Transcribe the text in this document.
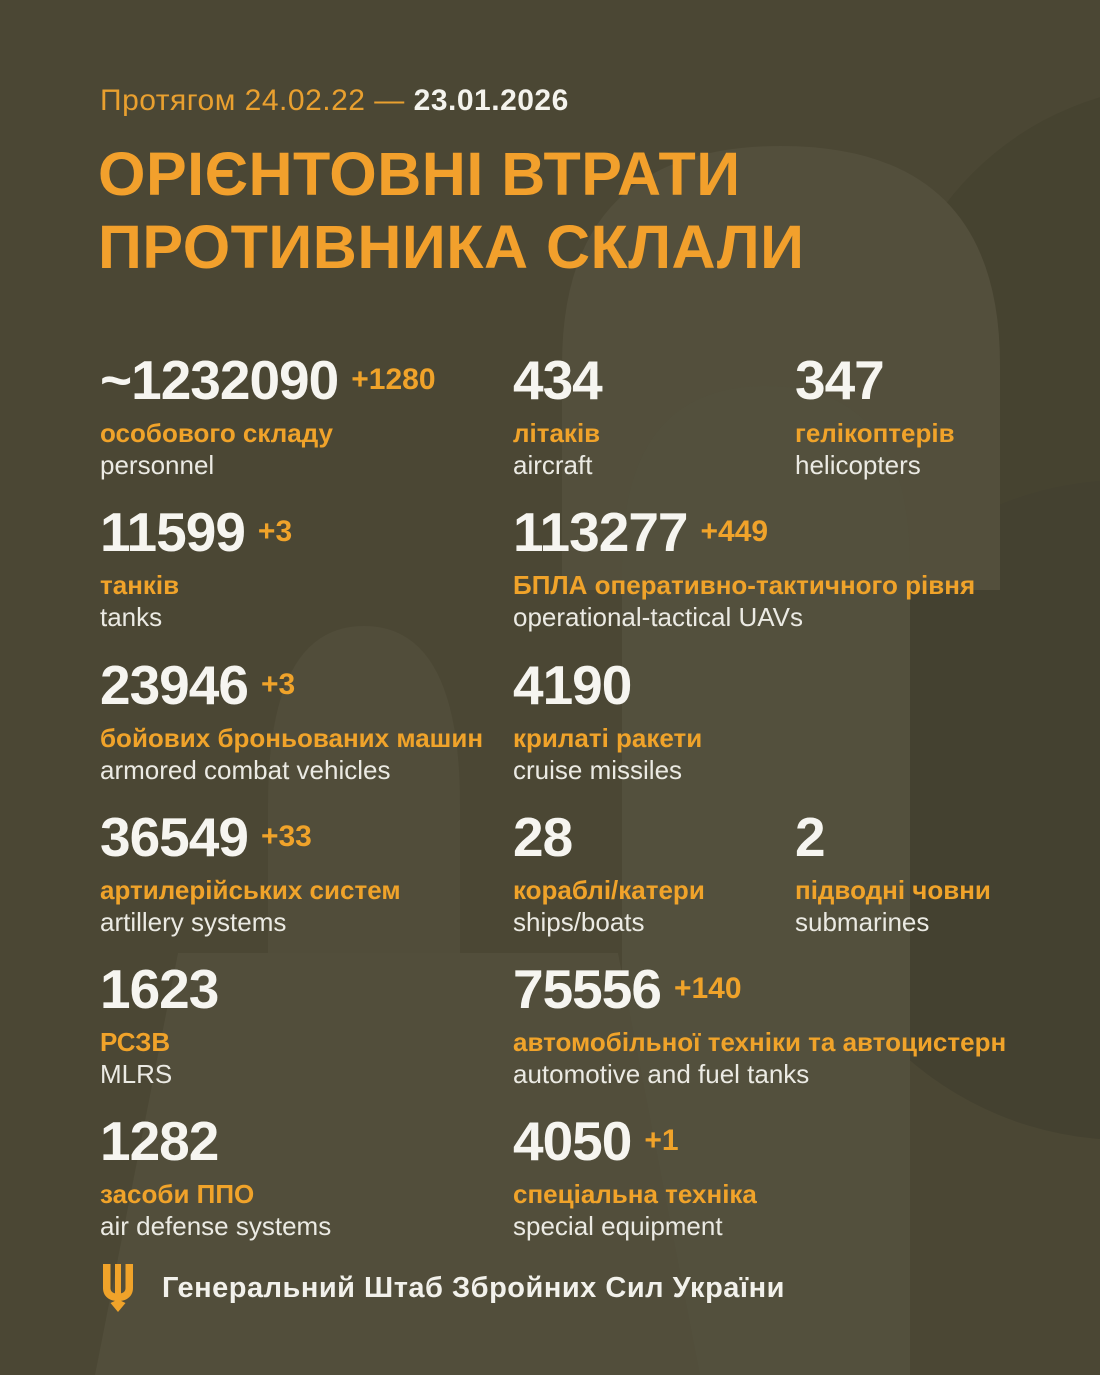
Протягом 24.02.22 — 23.01.2026
ОРІЄНТОВНІ ВТРАТИ
ПРОТИВНИКА СКЛАЛИ
~1232090 +1280
особового складу
personnel
434
літаків
aircraft
347
гелікоптерів
helicopters
11599 +3
танків
tanks
113277 +449
БПЛА оперативно-тактичного рівня
operational-tactical UAVs
23946 +3
бойових броньованих машин
armored combat vehicles
4190
крилаті ракети
cruise missiles
36549 +33
артилерійських систем
artillery systems
28
кораблі/катери
ships/boats
2
підводні човни
submarines
1623
РСЗВ
MLRS
75556 +140
автомобільної техніки та автоцистерн
automotive and fuel tanks
1282
засоби ППО
air defense systems
4050 +1
спеціальна техніка
special equipment
Генеральний Штаб Збройних Сил України
